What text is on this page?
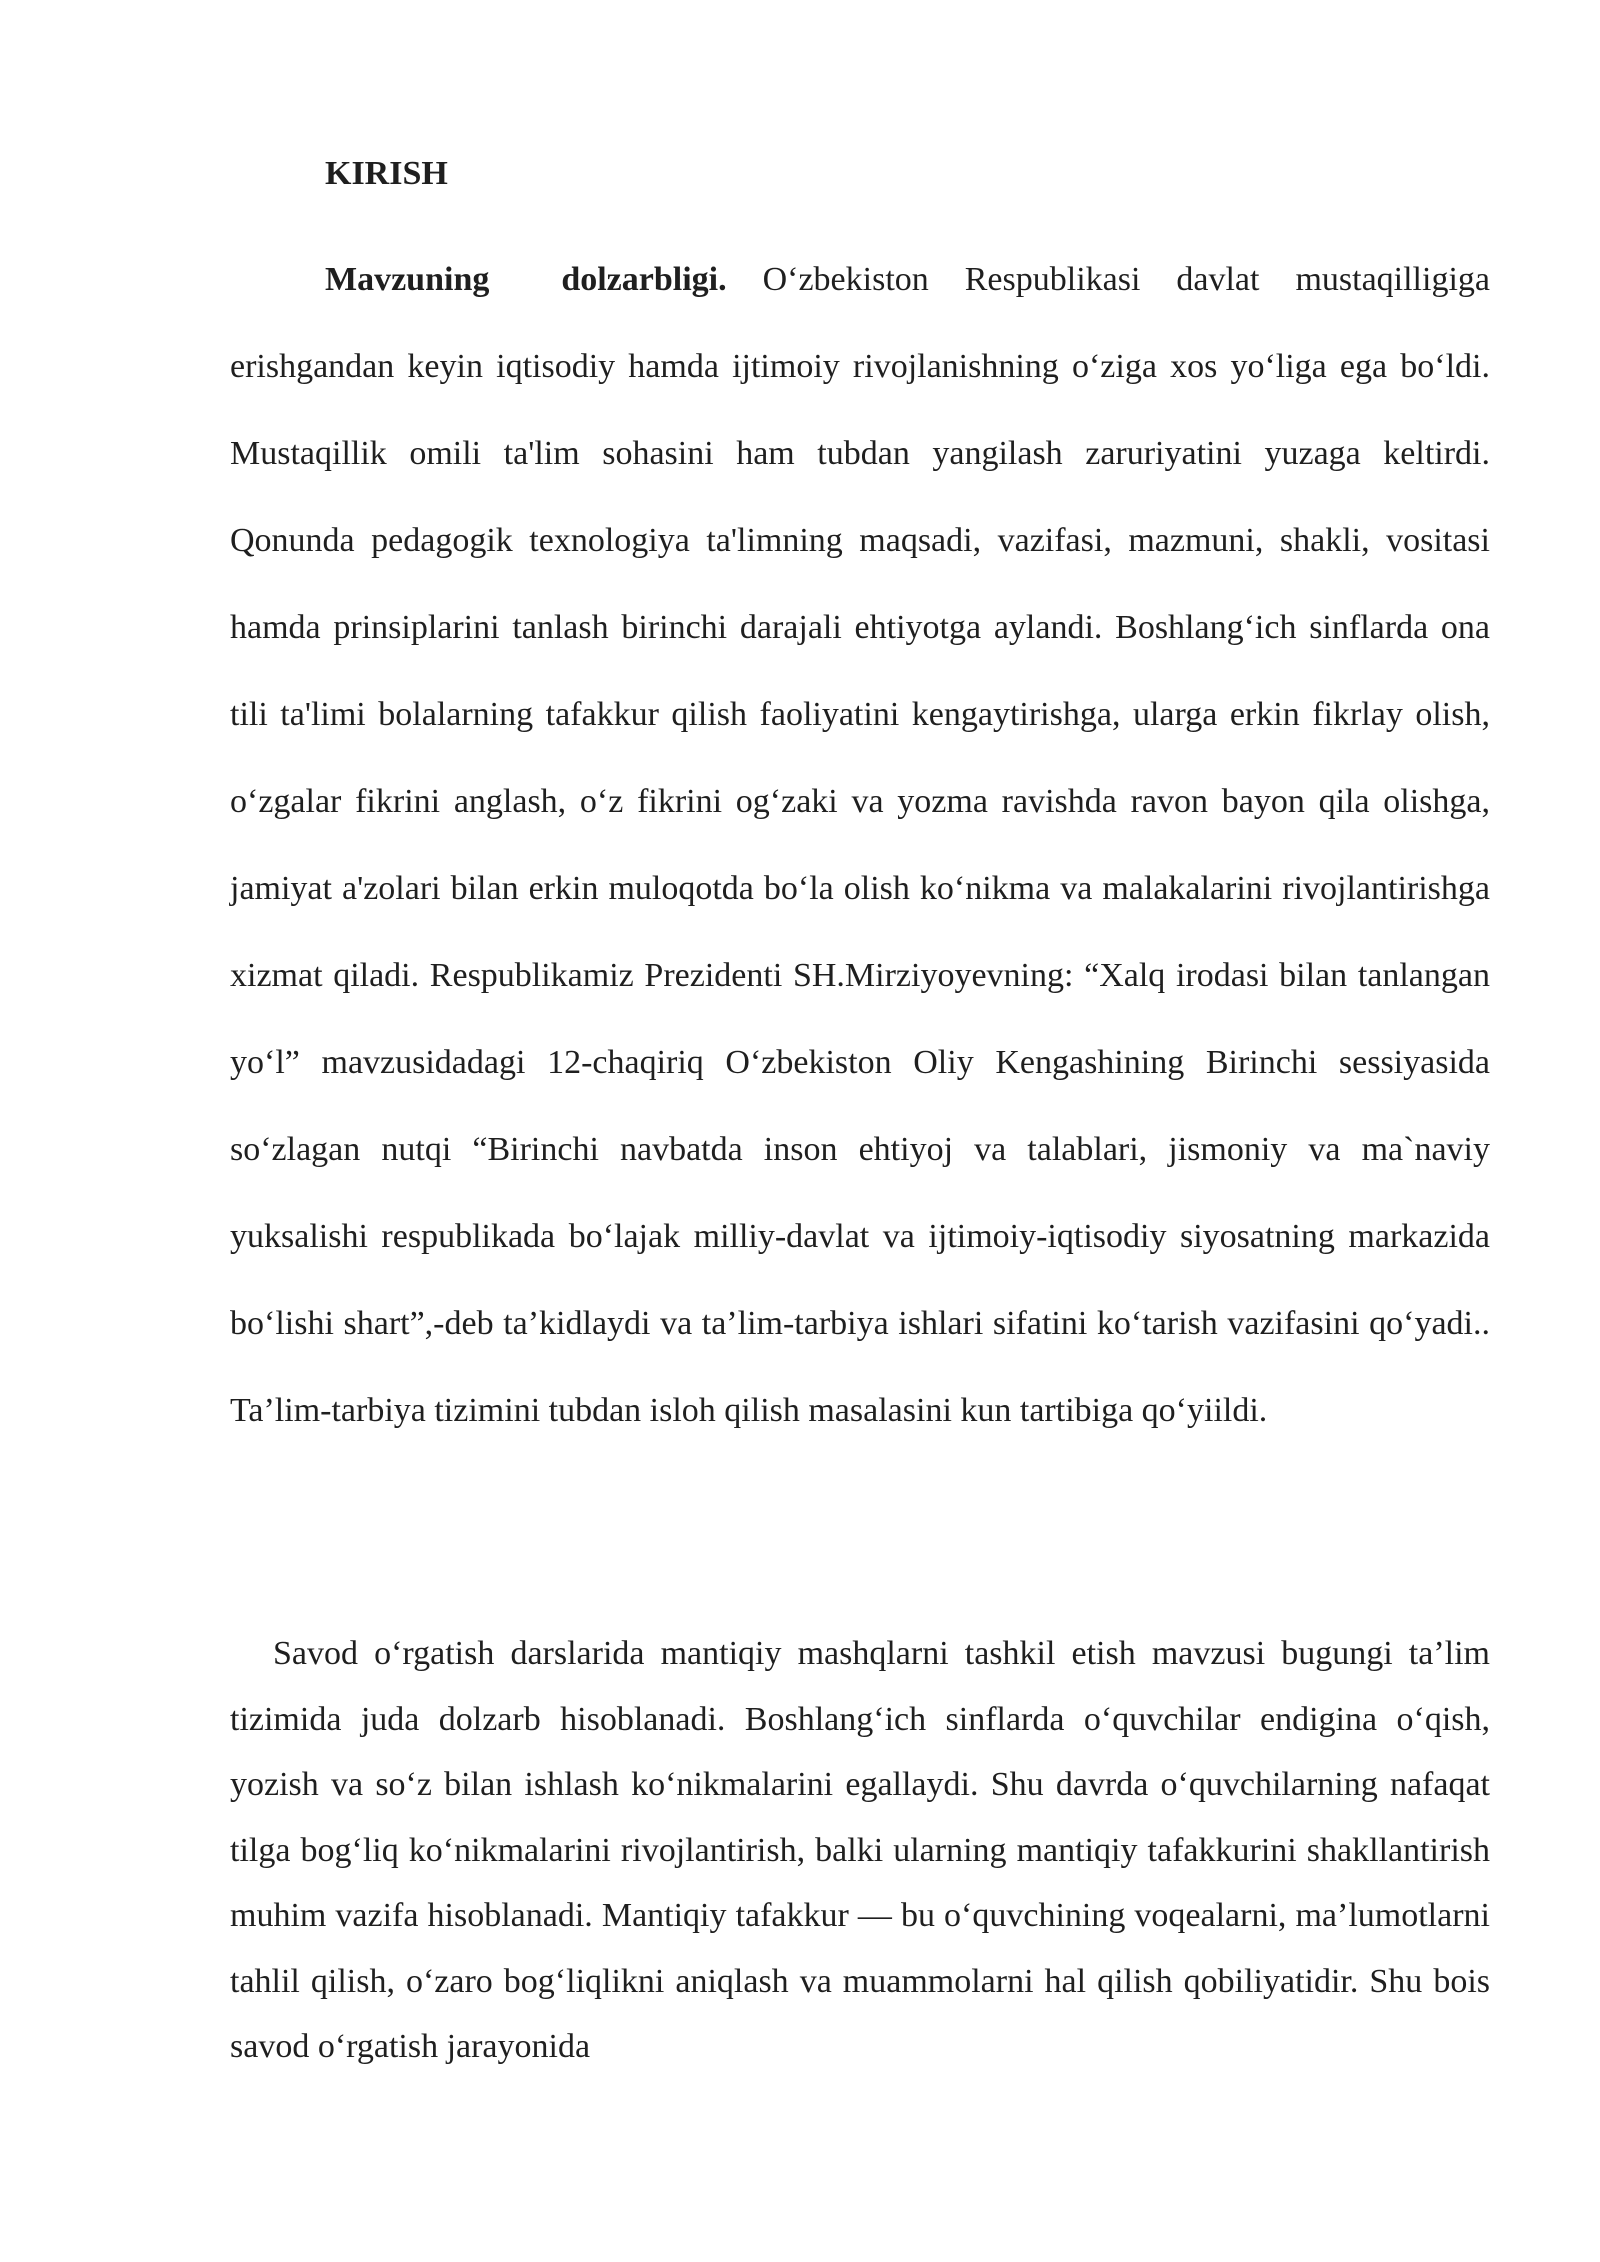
KIRISH

Mavzuning  dolzarbligi. O‘zbekiston Respublikasi davlat mustaqilligiga erishgandan keyin iqtisodiy hamda ijtimoiy rivojlanishning o‘ziga xos yo‘liga ega bo‘ldi. Mustaqillik omili ta'lim sohasini ham tubdan yangilash zaruriyatini yuzaga keltirdi. Qonunda pedagogik texnologiya ta'limning maqsadi, vazifasi, mazmuni, shakli, vositasi hamda prinsiplarini tanlash birinchi darajali ehtiyotga aylandi. Boshlang‘ich sinflarda ona tili ta'limi bolalarning tafakkur qilish faoliyatini kengaytirishga, ularga erkin fikrlay olish, o‘zgalar fikrini anglash, o‘z fikrini og‘zaki va yozma ravishda ravon bayon qila olishga, jamiyat a'zolari bilan erkin muloqotda bo‘la olish ko‘nikma va malakalarini rivojlantirishga xizmat qiladi. Respublikamiz Prezidenti SH.Mirziyoyevning: “Xalq irodasi bilan tanlangan yo‘l” mavzusidadagi 12-chaqiriq O‘zbekiston Oliy Kengashining Birinchi sessiyasida so‘zlagan nutqi “Birinchi navbatda inson ehtiyoj va talablari, jismoniy va ma`naviy yuksalishi respublikada bo‘lajak milliy-davlat va ijtimoiy-iqtisodiy siyosatning markazida bo‘lishi shart”,-deb ta’kidlaydi va ta’lim-tarbiya ishlari sifatini ko‘tarish vazifasini qo‘yadi.. Ta’lim-tarbiya tizimini tubdan isloh qilish masalasini kun tartibiga qo‘yiildi.

Savod o‘rgatish darslarida mantiqiy mashqlarni tashkil etish mavzusi bugungi ta’lim tizimida juda dolzarb hisoblanadi. Boshlang‘ich sinflarda o‘quvchilar endigina o‘qish, yozish va so‘z bilan ishlash ko‘nikmalarini egallaydi. Shu davrda o‘quvchilarning nafaqat tilga bog‘liq ko‘nikmalarini rivojlantirish, balki ularning mantiqiy tafakkurini shakllantirish muhim vazifa hisoblanadi. Mantiqiy tafakkur — bu o‘quvchining voqealarni, ma’lumotlarni tahlil qilish, o‘zaro bog‘liqlikni aniqlash va muammolarni hal qilish qobiliyatidir. Shu bois savod o‘rgatish jarayonida
